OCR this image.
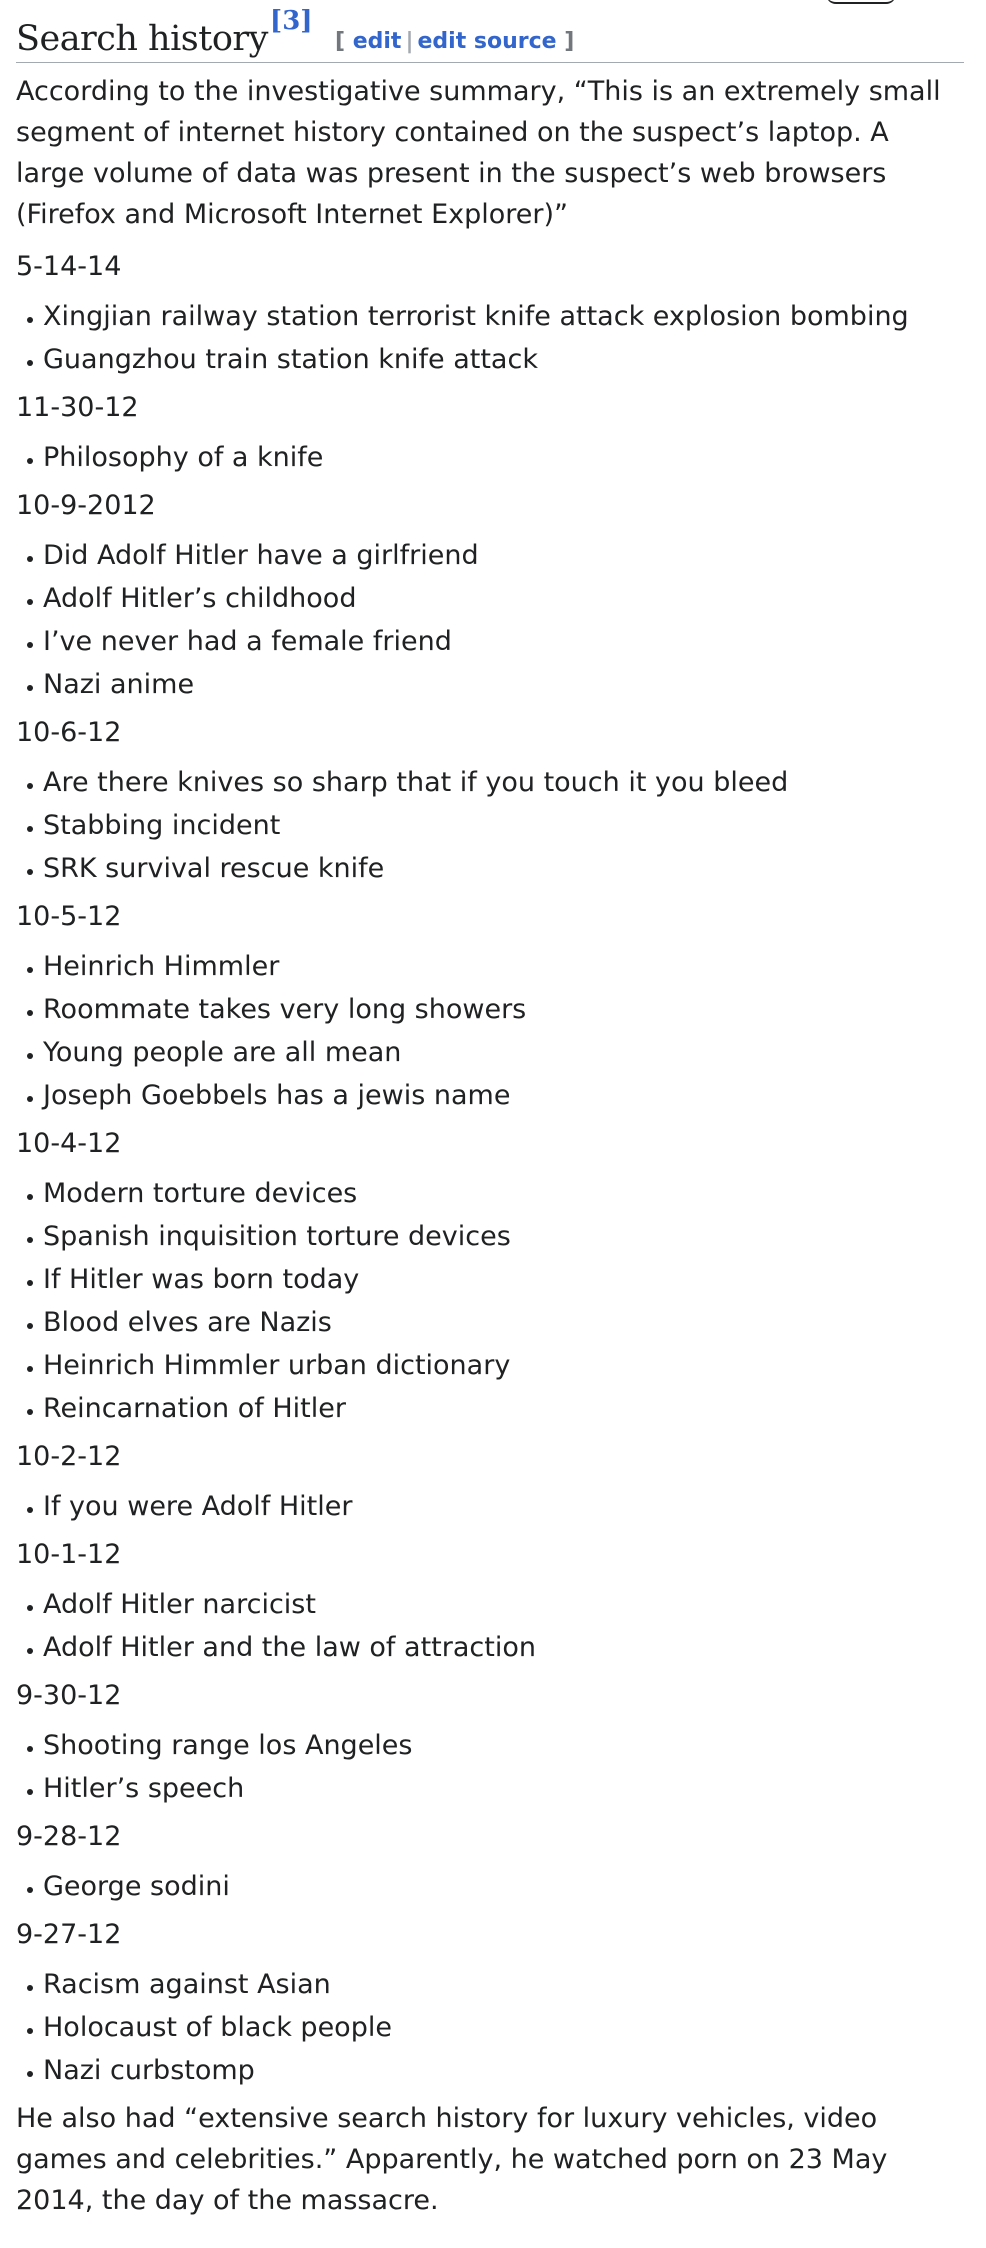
Search history[3] [ edit | edit source ]

According to the investigative summary, “This is an extremely small segment of internet history contained on the suspect’s laptop. A large volume of data was present in the suspect’s web browsers (Firefox and Microsoft Internet Explorer)”

5-14-14

Xingjian railway station terrorist knife attack explosion bombing
Guangzhou train station knife attack

11-30-12

Philosophy of a knife

10-9-2012

Did Adolf Hitler have a girlfriend
Adolf Hitler’s childhood
I’ve never had a female friend
Nazi anime

10-6-12

Are there knives so sharp that if you touch it you bleed
Stabbing incident
SRK survival rescue knife

10-5-12

Heinrich Himmler
Roommate takes very long showers
Young people are all mean
Joseph Goebbels has a jewis name

10-4-12

Modern torture devices
Spanish inquisition torture devices
If Hitler was born today
Blood elves are Nazis
Heinrich Himmler urban dictionary
Reincarnation of Hitler

10-2-12

If you were Adolf Hitler

10-1-12

Adolf Hitler narcicist
Adolf Hitler and the law of attraction

9-30-12

Shooting range los Angeles
Hitler’s speech

9-28-12

George sodini

9-27-12

Racism against Asian
Holocaust of black people
Nazi curbstomp

He also had “extensive search history for luxury vehicles, video games and celebrities.” Apparently, he watched porn on 23 May 2014, the day of the massacre.
